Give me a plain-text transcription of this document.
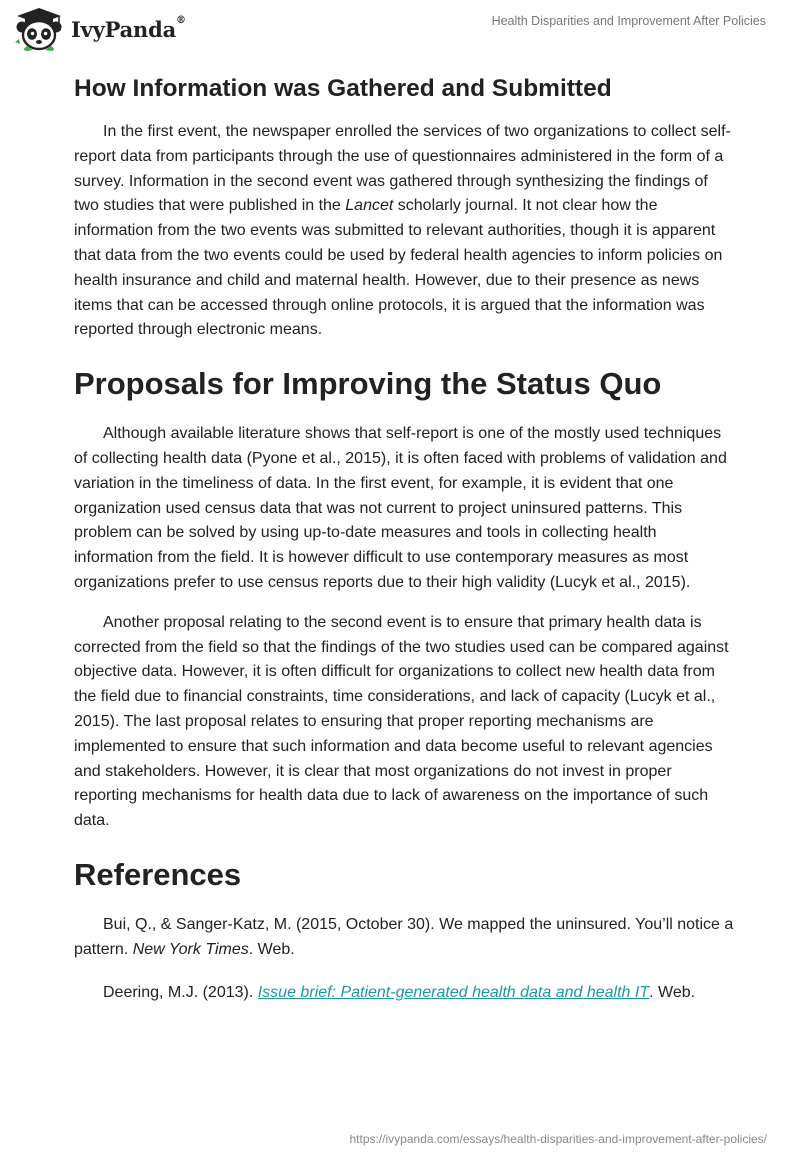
IvyPanda®	Health Disparities and Improvement After Policies
How Information was Gathered and Submitted

In the first event, the newspaper enrolled the services of two organizations to collect self-report data from participants through the use of questionnaires administered in the form of a survey. Information in the second event was gathered through synthesizing the findings of two studies that were published in the Lancet scholarly journal. It not clear how the information from the two events was submitted to relevant authorities, though it is apparent that data from the two events could be used by federal health agencies to inform policies on health insurance and child and maternal health. However, due to their presence as news items that can be accessed through online protocols, it is argued that the information was reported through electronic means.

Proposals for Improving the Status Quo

Although available literature shows that self-report is one of the mostly used techniques of collecting health data (Pyone et al., 2015), it is often faced with problems of validation and variation in the timeliness of data. In the first event, for example, it is evident that one organization used census data that was not current to project uninsured patterns. This problem can be solved by using up-to-date measures and tools in collecting health information from the field. It is however difficult to use contemporary measures as most organizations prefer to use census reports due to their high validity (Lucyk et al., 2015).

Another proposal relating to the second event is to ensure that primary health data is corrected from the field so that the findings of the two studies used can be compared against objective data. However, it is often difficult for organizations to collect new health data from the field due to financial constraints, time considerations, and lack of capacity (Lucyk et al., 2015). The last proposal relates to ensuring that proper reporting mechanisms are implemented to ensure that such information and data become useful to relevant agencies and stakeholders. However, it is clear that most organizations do not invest in proper reporting mechanisms for health data due to lack of awareness on the importance of such data.

References

Bui, Q., & Sanger-Katz, M. (2015, October 30). We mapped the uninsured. You’ll notice a pattern. New York Times. Web.

Deering, M.J. (2013). Issue brief: Patient-generated health data and health IT. Web.

https://ivypanda.com/essays/health-disparities-and-improvement-after-policies/
